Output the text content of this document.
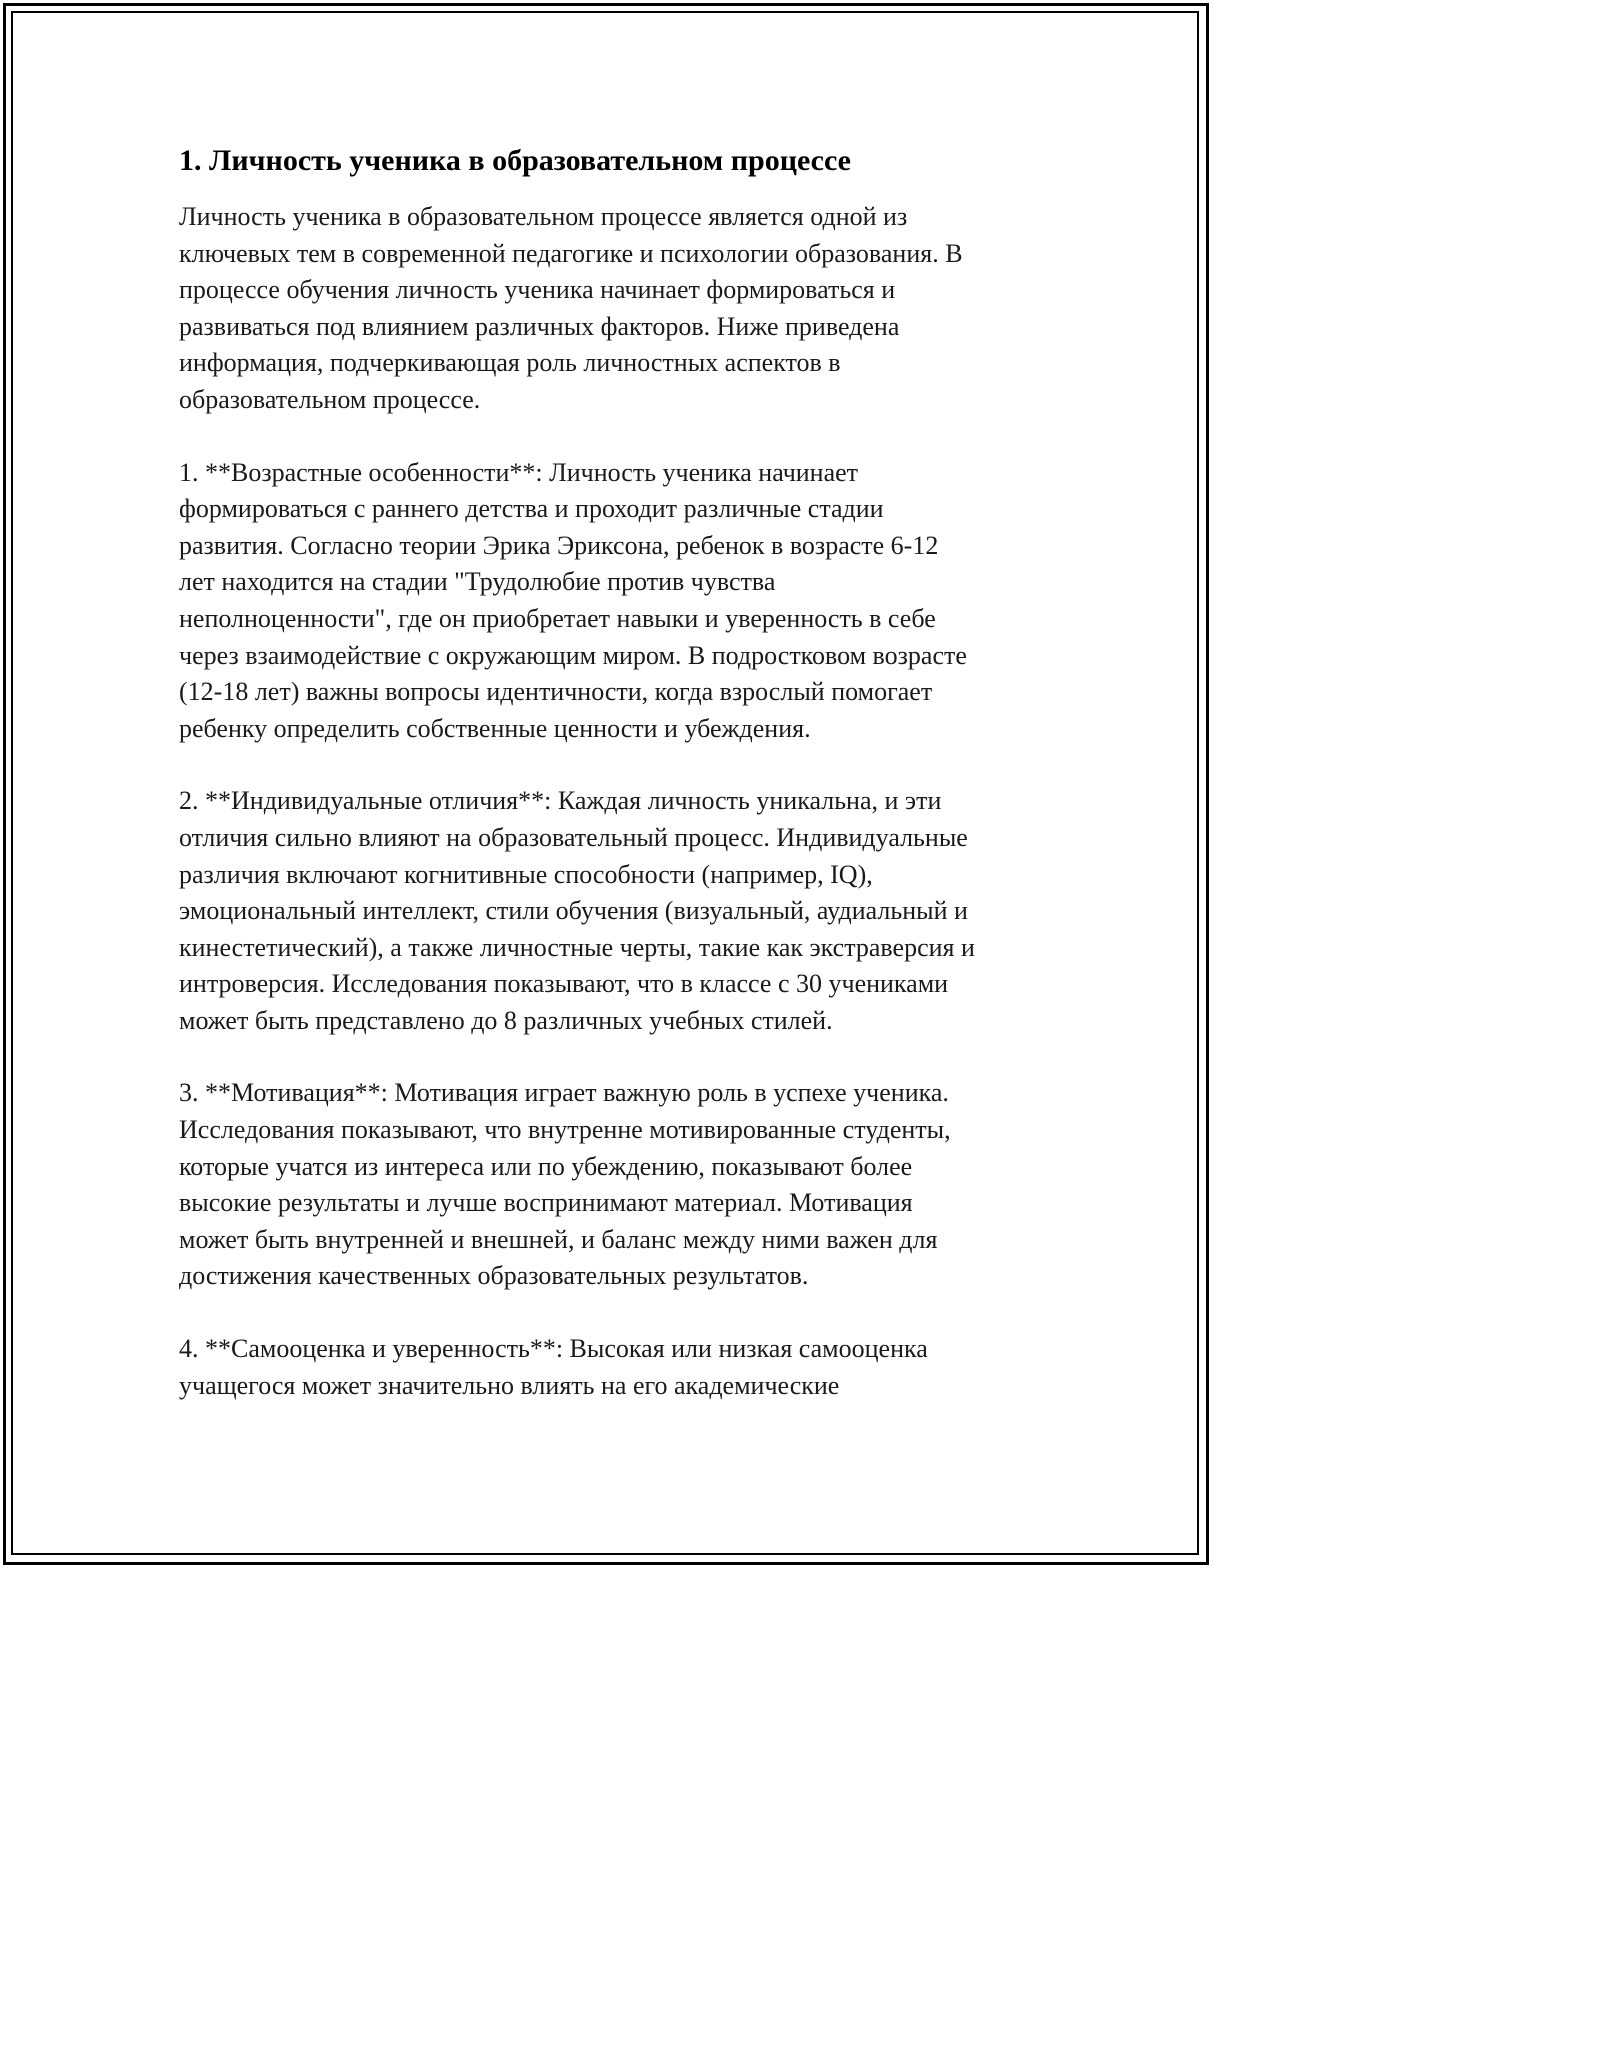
1. Личность ученика в образовательном процессе

Личность ученика в образовательном процессе является одной из
ключевых тем в современной педагогике и психологии образования. В
процессе обучения личность ученика начинает формироваться и
развиваться под влиянием различных факторов. Ниже приведена
информация, подчеркивающая роль личностных аспектов в
образовательном процессе.

1. **Возрастные особенности**: Личность ученика начинает
формироваться с раннего детства и проходит различные стадии
развития. Согласно теории Эрика Эриксона, ребенок в возрасте 6-12
лет находится на стадии "Трудолюбие против чувства
неполноценности", где он приобретает навыки и уверенность в себе
через взаимодействие с окружающим миром. В подростковом возрасте
(12-18 лет) важны вопросы идентичности, когда взрослый помогает
ребенку определить собственные ценности и убеждения.

2. **Индивидуальные отличия**: Каждая личность уникальна, и эти
отличия сильно влияют на образовательный процесс. Индивидуальные
различия включают когнитивные способности (например, IQ),
эмоциональный интеллект, стили обучения (визуальный, аудиальный и
кинестетический), а также личностные черты, такие как экстраверсия и
интроверсия. Исследования показывают, что в классе с 30 учениками
может быть представлено до 8 различных учебных стилей.

3. **Мотивация**: Мотивация играет важную роль в успехе ученика.
Исследования показывают, что внутренне мотивированные студенты,
которые учатся из интереса или по убеждению, показывают более
высокие результаты и лучше воспринимают материал. Мотивация
может быть внутренней и внешней, и баланс между ними важен для
достижения качественных образовательных результатов.

4. **Самооценка и уверенность**: Высокая или низкая самооценка
учащегося может значительно влиять на его академические
